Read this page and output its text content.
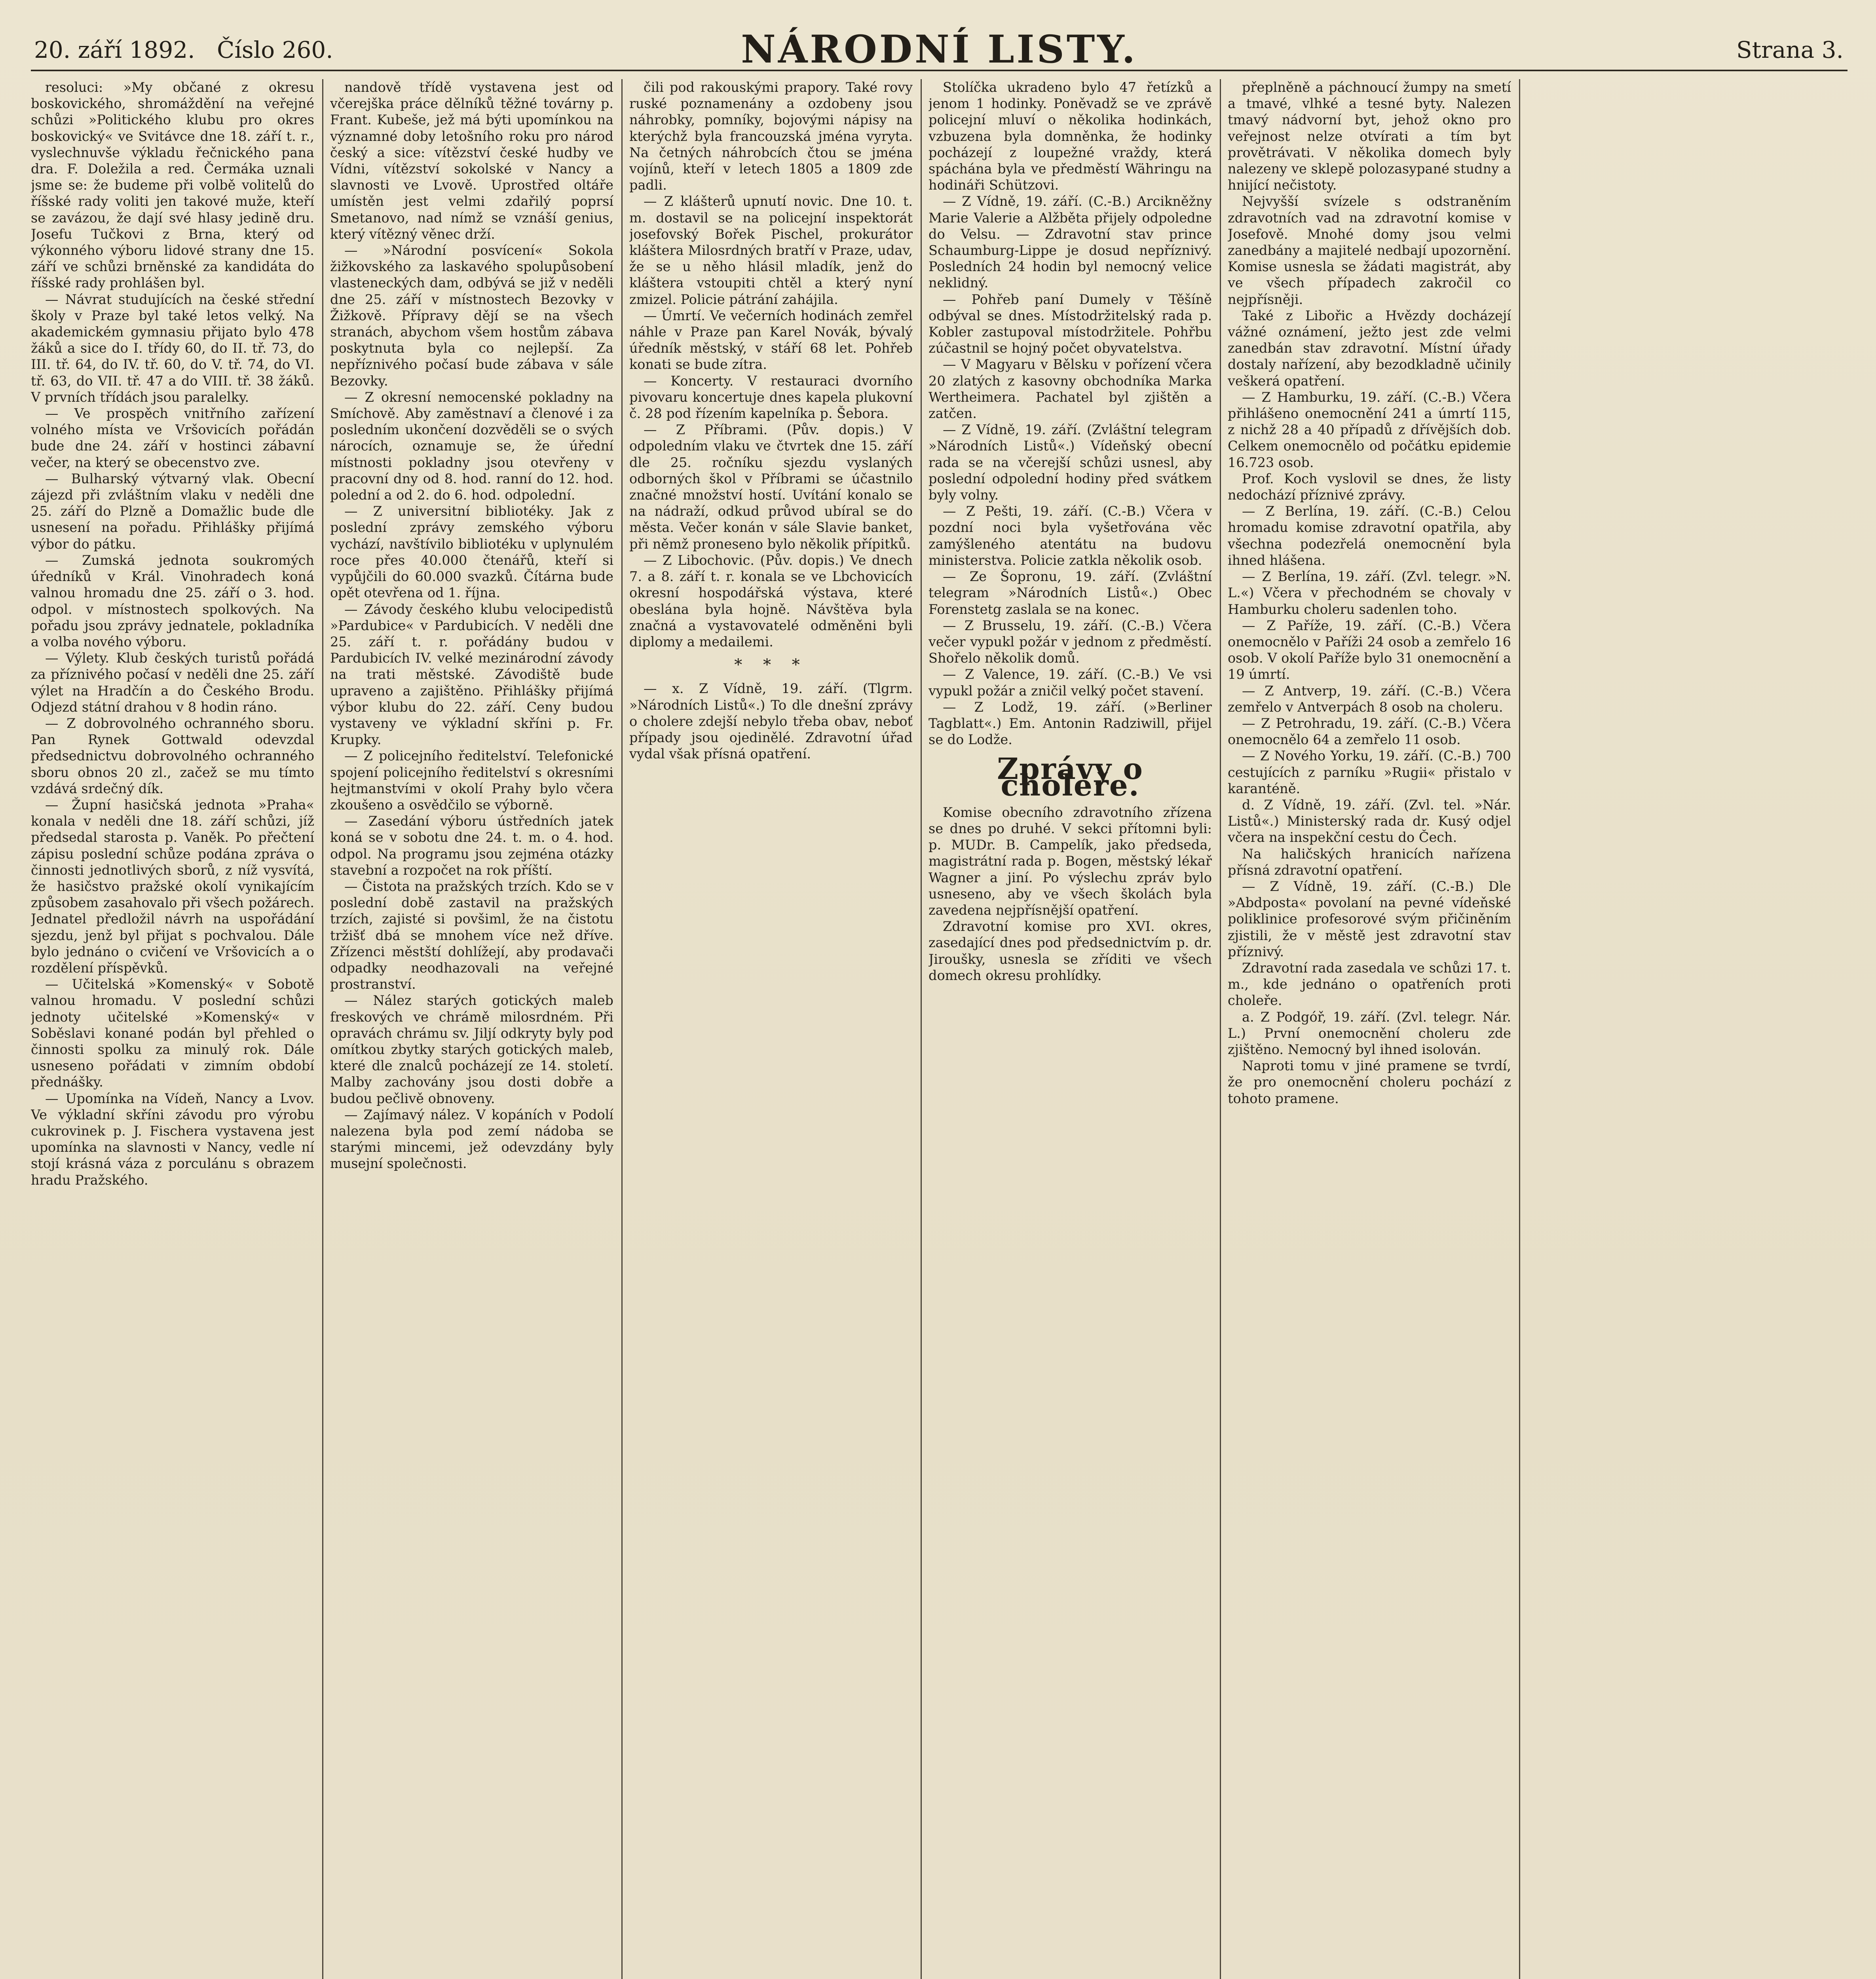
20. září 1892. Číslo 260.	NÁRODNÍ LISTY.	Strana 3.

resoluci: »My občané z okresu boskovického, shromáždění na veřejné schůzi »Politického klubu pro okres boskovický« ve Svitávce dne 18. září t. r., vyslechnuvše výkladu řečnického pana dra. F. Doležila a red. Čermáka uznali jsme se: že budeme při volbě volitelů do říšské rady voliti jen takové muže, kteří se zavázou, že dají své hlasy jedině dru. Josefu Tučkovi z Brna, který od výkonného výboru lidové strany dne 15. září ve schůzi brněnské za kandidáta do říšské rady prohlášen byl.

— Návrat studujících na české střední školy v Praze byl také letos velký. Na akademickém gymnasiu přijato bylo 478 žáků a sice do I. třídy 60, do II. tř. 73, do III. tř. 64, do IV. tř. 60, do V. tř. 74, do VI. tř. 63, do VII. tř. 47 a do VIII. tř. 38 žáků. V prvních třídách jsou paralelky.

— Ve prospěch vnitřního zařízení volného místa ve Vršovicích pořádán bude dne 24. září v hostinci zábavní večer, na který se obecenstvo zve.

— Bulharský výtvarný vlak. Obecní zájezd při zvláštním vlaku v neděli dne 25. září do Plzně a Domažlic bude dle usnesení na pořadu. Přihlášky přijímá výbor do pátku.

— Zumská jednota soukromých úředníků v Král. Vinohradech koná valnou hromadu dne 25. září o 3. hod. odpol. v místnostech spolkových. Na pořadu jsou zprávy jednatele, pokladníka a volba nového výboru.

— Výlety. Klub českých turistů pořádá za příznivého počasí v neděli dne 25. září výlet na Hradčín a do Českého Brodu. Odjezd státní drahou v 8 hodin ráno.

— Z dobrovolného ochranného sboru. Pan Rynek Gottwald odevzdal předsednictvu dobrovolného ochranného sboru obnos 20 zl., začež se mu tímto vzdává srdečný dík.

— Župní hasičská jednota »Praha« konala v neděli dne 18. září schůzi, jíž předsedal starosta p. Vaněk. Po přečtení zápisu poslední schůze podána zpráva o činnosti jednotlivých sborů, z níž vysvítá, že hasičstvo pražské okolí vynikajícím způsobem zasahovalo při všech požárech. Jednatel předložil návrh na uspořádání sjezdu, jenž byl přijat s pochvalou. Dále bylo jednáno o cvičení ve Vršovicích a o rozdělení příspěvků.

— Učitelská »Komenský« v Sobotě valnou hromadu. V poslední schůzi jednoty učitelské »Komenský« v Soběslavi konané podán byl přehled o činnosti spolku za minulý rok. Dále usneseno pořádati v zimním období přednášky.

— Upomínka na Vídeň, Nancy a Lvov. Ve výkladní skříni závodu pro výrobu cukrovinek p. J. Fischera vystavena jest upomínka na slavnosti v Nancy, vedle ní stojí krásná váza z porculánu s obrazem hradu Pražského.

nandově třídě vystavena jest od včerejška práce dělníků těžné továrny p. Frant. Kubeše, jež má býti upomínkou na významné doby letošního roku pro národ český a sice: vítězství české hudby ve Vídni, vítězství sokolské v Nancy a slavnosti ve Lvově. Uprostřed oltáře umístěn jest velmi zdařilý poprsí Smetanovo, nad nímž se vznáší genius, který vítězný věnec drží.

— »Národní posvícení« Sokola žižkovského za laskavého spolupůsobení vlasteneckých dam, odbývá se již v neděli dne 25. září v místnostech Bezovky v Žižkově. Přípravy dějí se na všech stranách, abychom všem hostům zábava poskytnuta byla co nejlepší. Za nepříznivého počasí bude zábava v sále Bezovky.

— Z okresní nemocenské pokladny na Smíchově. Aby zaměstnaví a členové i za posledním ukončení dozvěděli se o svých nárocích, oznamuje se, že úřední místnosti pokladny jsou otevřeny v pracovní dny od 8. hod. ranní do 12. hod. polední a od 2. do 6. hod. odpolední.

— Z universitní bibliotéky. Jak z poslední zprávy zemského výboru vychází, navštívilo bibliotéku v uplynulém roce přes 40.000 čtenářů, kteří si vypůjčili do 60.000 svazků. Čítárna bude opět otevřena od 1. října.

— Závody českého klubu velocipedistů »Pardubice« v Pardubicích. V neděli dne 25. září t. r. pořádány budou v Pardubicích IV. velké mezinárodní závody na trati městské. Závodiště bude upraveno a zajištěno. Přihlášky přijímá výbor klubu do 22. září. Ceny budou vystaveny ve výkladní skříni p. Fr. Krupky.

— Z policejního ředitelství. Telefonické spojení policejního ředitelství s okresními hejtmanstvími v okolí Prahy bylo včera zkoušeno a osvědčilo se výborně.

— Zasedání výboru ústředních jatek koná se v sobotu dne 24. t. m. o 4. hod. odpol. Na programu jsou zejména otázky stavební a rozpočet na rok příští.

— Čistota na pražských trzích. Kdo se v poslední době zastavil na pražských trzích, zajisté si povšiml, že na čistotu tržišť dbá se mnohem více než dříve. Zřízenci městští dohlížejí, aby prodavači odpadky neodhazovali na veřejné prostranství.

— Nález starých gotických maleb freskových ve chrámě milosrdném. Při opravách chrámu sv. Jiljí odkryty byly pod omítkou zbytky starých gotických maleb, které dle znalců pocházejí ze 14. století. Malby zachovány jsou dosti dobře a budou pečlivě obnoveny.

— Zajímavý nález. V kopáních v Podolí nalezena byla pod zemí nádoba se starými mincemi, jež odevzdány byly musejní společnosti.

čili pod rakouskými prapory. Také rovy ruské poznamenány a ozdobeny jsou náhrobky, pomníky, bojovými nápisy na kterýchž byla francouzská jména vyryta. Na četných náhrobcích čtou se jména vojínů, kteří v letech 1805 a 1809 zde padli.

— Z klášterů upnutí novic. Dne 10. t. m. dostavil se na policejní inspektorát josefovský Bořek Pischel, prokurátor kláštera Milosrdných bratří v Praze, udav, že se u něho hlásil mladík, jenž do kláštera vstoupiti chtěl a který nyní zmizel. Policie pátrání zahájila.

— Úmrtí. Ve večerních hodinách zemřel náhle v Praze pan Karel Novák, bývalý úředník městský, v stáří 68 let. Pohřeb konati se bude zítra.

— Koncerty. V restauraci dvorního pivovaru koncertuje dnes kapela plukovní č. 28 pod řízením kapelníka p. Šebora.

— Z Příbrami. (Pův. dopis.) V odpoledním vlaku ve čtvrtek dne 15. září dle 25. ročníku sjezdu vyslaných odborných škol v Příbrami se účastnilo značné množství hostí. Uvítání konalo se na nádraží, odkud průvod ubíral se do města. Večer konán v sále Slavie banket, při němž proneseno bylo několik přípitků.

— Z Libochovic. (Pův. dopis.) Ve dnech 7. a 8. září t. r. konala se ve Lbchovicích okresní hospodářská výstava, které obeslána byla hojně. Návštěva byla značná a vystavovatelé odměněni byli diplomy a medailemi.

* * *

— x. Z Vídně, 19. září. (Tlgrm. »Národních Listů«.) To dle dnešní zprávy o cholere zdejší nebylo třeba obav, neboť případy jsou ojedinělé. Zdravotní úřad vydal však přísná opatření.

Stolíčka ukradeno bylo 47 řetízků a jenom 1 hodinky. Poněvadž se ve zprávě policejní mluví o několika hodinkách, vzbuzena byla domněnka, že hodinky pocházejí z loupežné vraždy, která spáchána byla ve předměstí Währingu na hodináři Schützovi.

— Z Vídně, 19. září. (C.-B.) Arcikněžny Marie Valerie a Alžběta přijely odpoledne do Velsu. — Zdravotní stav prince Schaumburg-Lippe je dosud nepříznivý. Posledních 24 hodin byl nemocný velice neklidný.

— Pohřeb paní Dumely v Těšíně odbýval se dnes. Místodržitelský rada p. Kobler zastupoval místodržitele. Pohřbu zúčastnil se hojný počet obyvatelstva.

— V Magyaru v Bělsku v pořízení včera 20 zlatých z kasovny obchodníka Marka Wertheimera. Pachatel byl zjištěn a zatčen.

— Z Vídně, 19. září. (Zvláštní telegram »Národních Listů«.) Vídeňský obecní rada se na včerejší schůzi usnesl, aby poslední odpolední hodiny před svátkem byly volny.

— Z Pešti, 19. září. (C.-B.) Včera v pozdní noci byla vyšetřována věc zamýšleného atentátu na budovu ministerstva. Policie zatkla několik osob.

— Ze Šopronu, 19. září. (Zvláštní telegram »Národních Listů«.) Obec Forenstetg zaslala se na konec.

— Z Brusselu, 19. září. (C.-B.) Včera večer vypukl požár v jednom z předměstí. Shořelo několik domů.

— Z Valence, 19. září. (C.-B.) Ve vsi vypukl požár a zničil velký počet stavení.

— Z Lodž, 19. září. (»Berliner Tagblatt«.) Em. Antonin Radziwill, přijel se do Lodže.

Zprávy o choleře.

Komise obecního zdravotního zřízena se dnes po druhé. V sekci přítomni byli: p. MUDr. B. Campelík, jako předseda, magistrátní rada p. Bogen, městský lékař Wagner a jiní. Po výslechu zpráv bylo usneseno, aby ve všech školách byla zavedena nejpřísnější opatření.

Zdravotní komise pro XVI. okres, zasedající dnes pod předsednictvím p. dr. Jiroušky, usnesla se zříditi ve všech domech okresu prohlídky.

přeplněně a páchnoucí žumpy na smetí a tmavé, vlhké a tesné byty. Nalezen tmavý nádvorní byt, jehož okno pro veřejnost nelze otvírati a tím byt provětrávati. V několika domech byly nalezeny ve sklepě polozasypané studny a hnijící nečistoty.

Nejvyšší svízele s odstraněním zdravotních vad na zdravotní komise v Josefově. Mnohé domy jsou velmi zanedbány a majitelé nedbají upozornění. Komise usnesla se žádati magistrát, aby ve všech případech zakročil co nejpřísněji.

Také z Libořic a Hvězdy docházejí vážné oznámení, ježto jest zde velmi zanedbán stav zdravotní. Místní úřady dostaly nařízení, aby bezodkladně učinily veškerá opatření.

— Z Hamburku, 19. září. (C.-B.) Včera přihlášeno onemocnění 241 a úmrtí 115, z nichž 28 a 40 případů z dřívějších dob. Celkem onemocnělo od počátku epidemie 16.723 osob.

Prof. Koch vyslovil se dnes, že listy nedochází příznivé zprávy.

— Z Berlína, 19. září. (C.-B.) Celou hromadu komise zdravotní opatřila, aby všechna podezřelá onemocnění byla ihned hlášena.

— Z Berlína, 19. září. (Zvl. telegr. »N. L.«) Včera v přechodném se chovaly v Hamburku choleru sadenlen toho.

— Z Paříže, 19. září. (C.-B.) Včera onemocnělo v Paříži 24 osob a zemřelo 16 osob. V okolí Paříže bylo 31 onemocnění a 19 úmrtí.

— Z Antverp, 19. září. (C.-B.) Včera zemřelo v Antverpách 8 osob na choleru.

— Z Petrohradu, 19. září. (C.-B.) Včera onemocnělo 64 a zemřelo 11 osob.

— Z Nového Yorku, 19. září. (C.-B.) 700 cestujících z parníku »Rugii« přistalo v karanténě.

d. Z Vídně, 19. září. (Zvl. tel. »Nár. Listů«.) Ministerský rada dr. Kusý odjel včera na inspekční cestu do Čech.

Na haličských hranicích nařízena přísná zdravotní opatření.

— Z Vídně, 19. září. (C.-B.) Dle »Abdposta« povolaní na pevné vídeňské poliklinice profesorové svým přičiněním zjistili, že v městě jest zdravotní stav příznivý.

Zdravotní rada zasedala ve schůzi 17. t. m., kde jednáno o opatřeních proti choleře.

a. Z Podgóř, 19. září. (Zvl. telegr. Nár. L.) První onemocnění choleru zde zjištěno. Nemocný byl ihned isolován.

Naproti tomu v jiné pramene se tvrdí, že pro onemocnění choleru pochází z tohoto pramene.
